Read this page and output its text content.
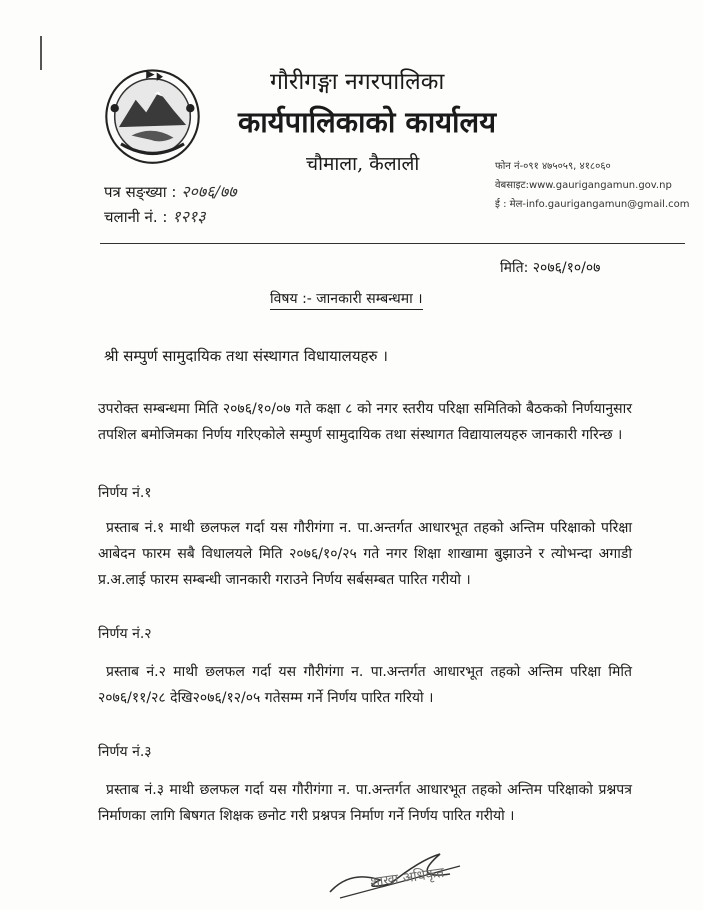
गौरीगङ्गा नगरपालिका
कार्यपालिकाको कार्यालय
चौमाला, कैलाली	फोन नं-०९१ ४७५०५९, ४१८०६०
वेबसाइट:www.gaurigangamun.gov.np
ई : मेल-info.gaurigangamun@gmail.com
पत्र सङ्ख्या : २०७६/७७
चलानी नं. : १२१३
मिति: २०७६/१०/०७
विषय :- जानकारी सम्बन्धमा ।
श्री सम्पुर्ण सामुदायिक तथा संस्थागत विधायालयहरु ।
उपरोक्त सम्बन्धमा मिति २०७६/१०/०७ गते कक्षा ८ को नगर स्तरीय परिक्षा समितिको बैठकको निर्णयानुसार तपशिल बमोजिमका निर्णय गरिएकोले सम्पुर्ण सामुदायिक तथा संस्थागत विद्यायालयहरु जानकारी गरिन्छ ।
निर्णय नं.१
प्रस्ताब नं.१ माथी छलफल गर्दा यस गौरीगंगा न. पा.अन्तर्गत आधारभूत तहको अन्तिम परिक्षाको परिक्षा आबेदन फारम सबै विधालयले मिति २०७६/१०/२५ गते नगर शिक्षा शाखामा बुझाउने र त्योभन्दा अगाडी प्र.अ.लाई फारम सम्बन्धी जानकारी गराउने निर्णय सर्बसम्बत पारित गरीयो ।
निर्णय नं.२
प्रस्ताब नं.२ माथी छलफल गर्दा यस गौरीगंगा न. पा.अन्तर्गत आधारभूत तहको अन्तिम परिक्षा मिति २०७६/११/२८ देखि२०७६/१२/०५ गतेसम्म गर्ने निर्णय पारित गरियो ।
निर्णय नं.३
प्रस्ताब नं.३ माथी छलफल गर्दा यस गौरीगंगा न. पा.अन्तर्गत आधारभूत तहको अन्तिम परिक्षाको प्रश्नपत्र निर्माणका लागि बिषगत शिक्षक छनोट गरी प्रश्नपत्र निर्माण गर्ने निर्णय पारित गरीयो ।
शाखा अधिकृत
